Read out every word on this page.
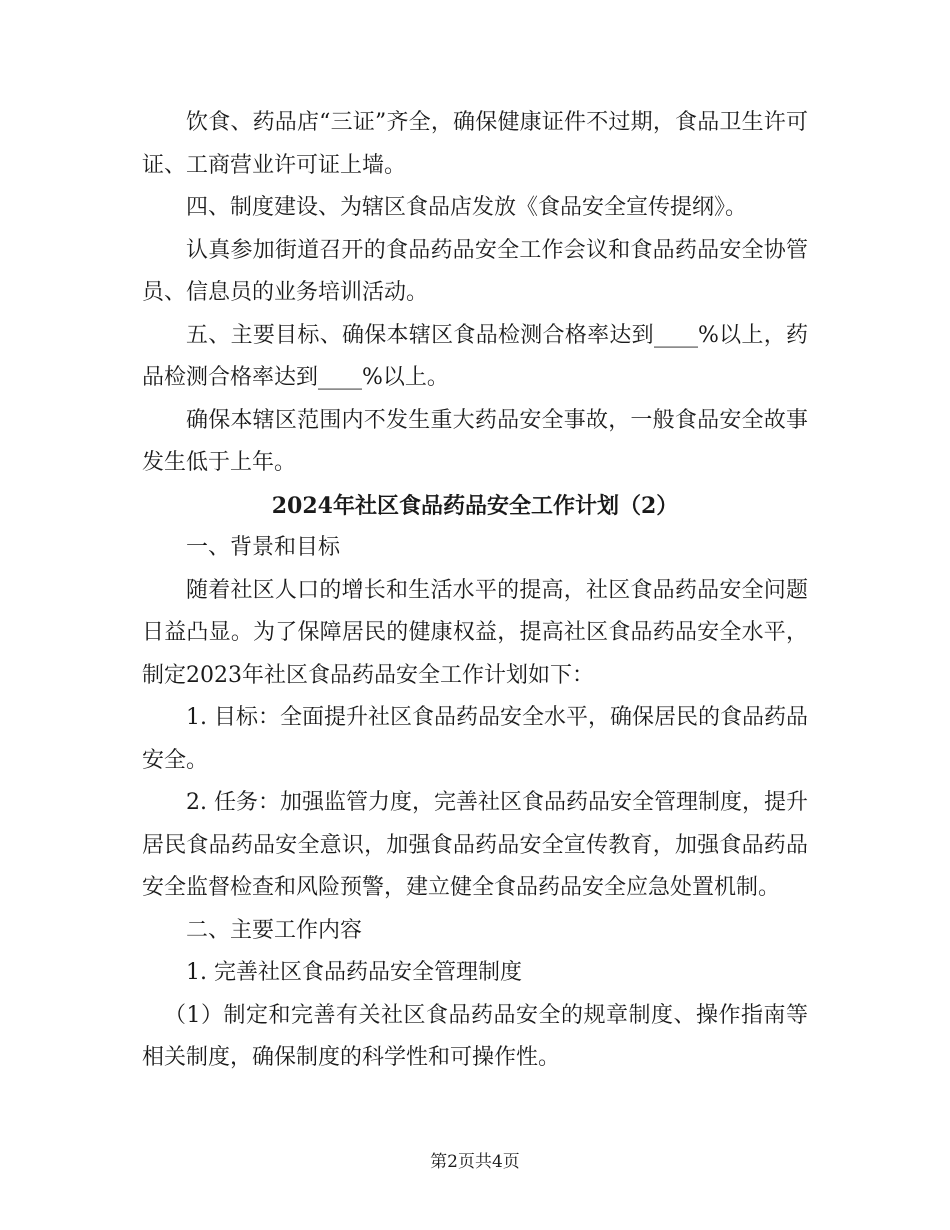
饮食、药品店“三证”齐全，确保健康证件不过期，食品卫生许可证、工商营业许可证上墙。

四、制度建设、为辖区食品店发放《食品安全宣传提纲》。

认真参加街道召开的食品药品安全工作会议和食品药品安全协管员、信息员的业务培训活动。

五、主要目标、确保本辖区食品检测合格率达到____%以上，药品检测合格率达到____%以上。

确保本辖区范围内不发生重大药品安全事故，一般食品安全故事发生低于上年。

2024年社区食品药品安全工作计划（2）

一、背景和目标

随着社区人口的增长和生活水平的提高，社区食品药品安全问题日益凸显。为了保障居民的健康权益，提高社区食品药品安全水平，制定2023年社区食品药品安全工作计划如下：

1. 目标：全面提升社区食品药品安全水平，确保居民的食品药品安全。

2. 任务：加强监管力度，完善社区食品药品安全管理制度，提升居民食品药品安全意识，加强食品药品安全宣传教育，加强食品药品安全监督检查和风险预警，建立健全食品药品安全应急处置机制。

二、主要工作内容

1. 完善社区食品药品安全管理制度

（1）制定和完善有关社区食品药品安全的规章制度、操作指南等相关制度，确保制度的科学性和可操作性。

第2页共4页
